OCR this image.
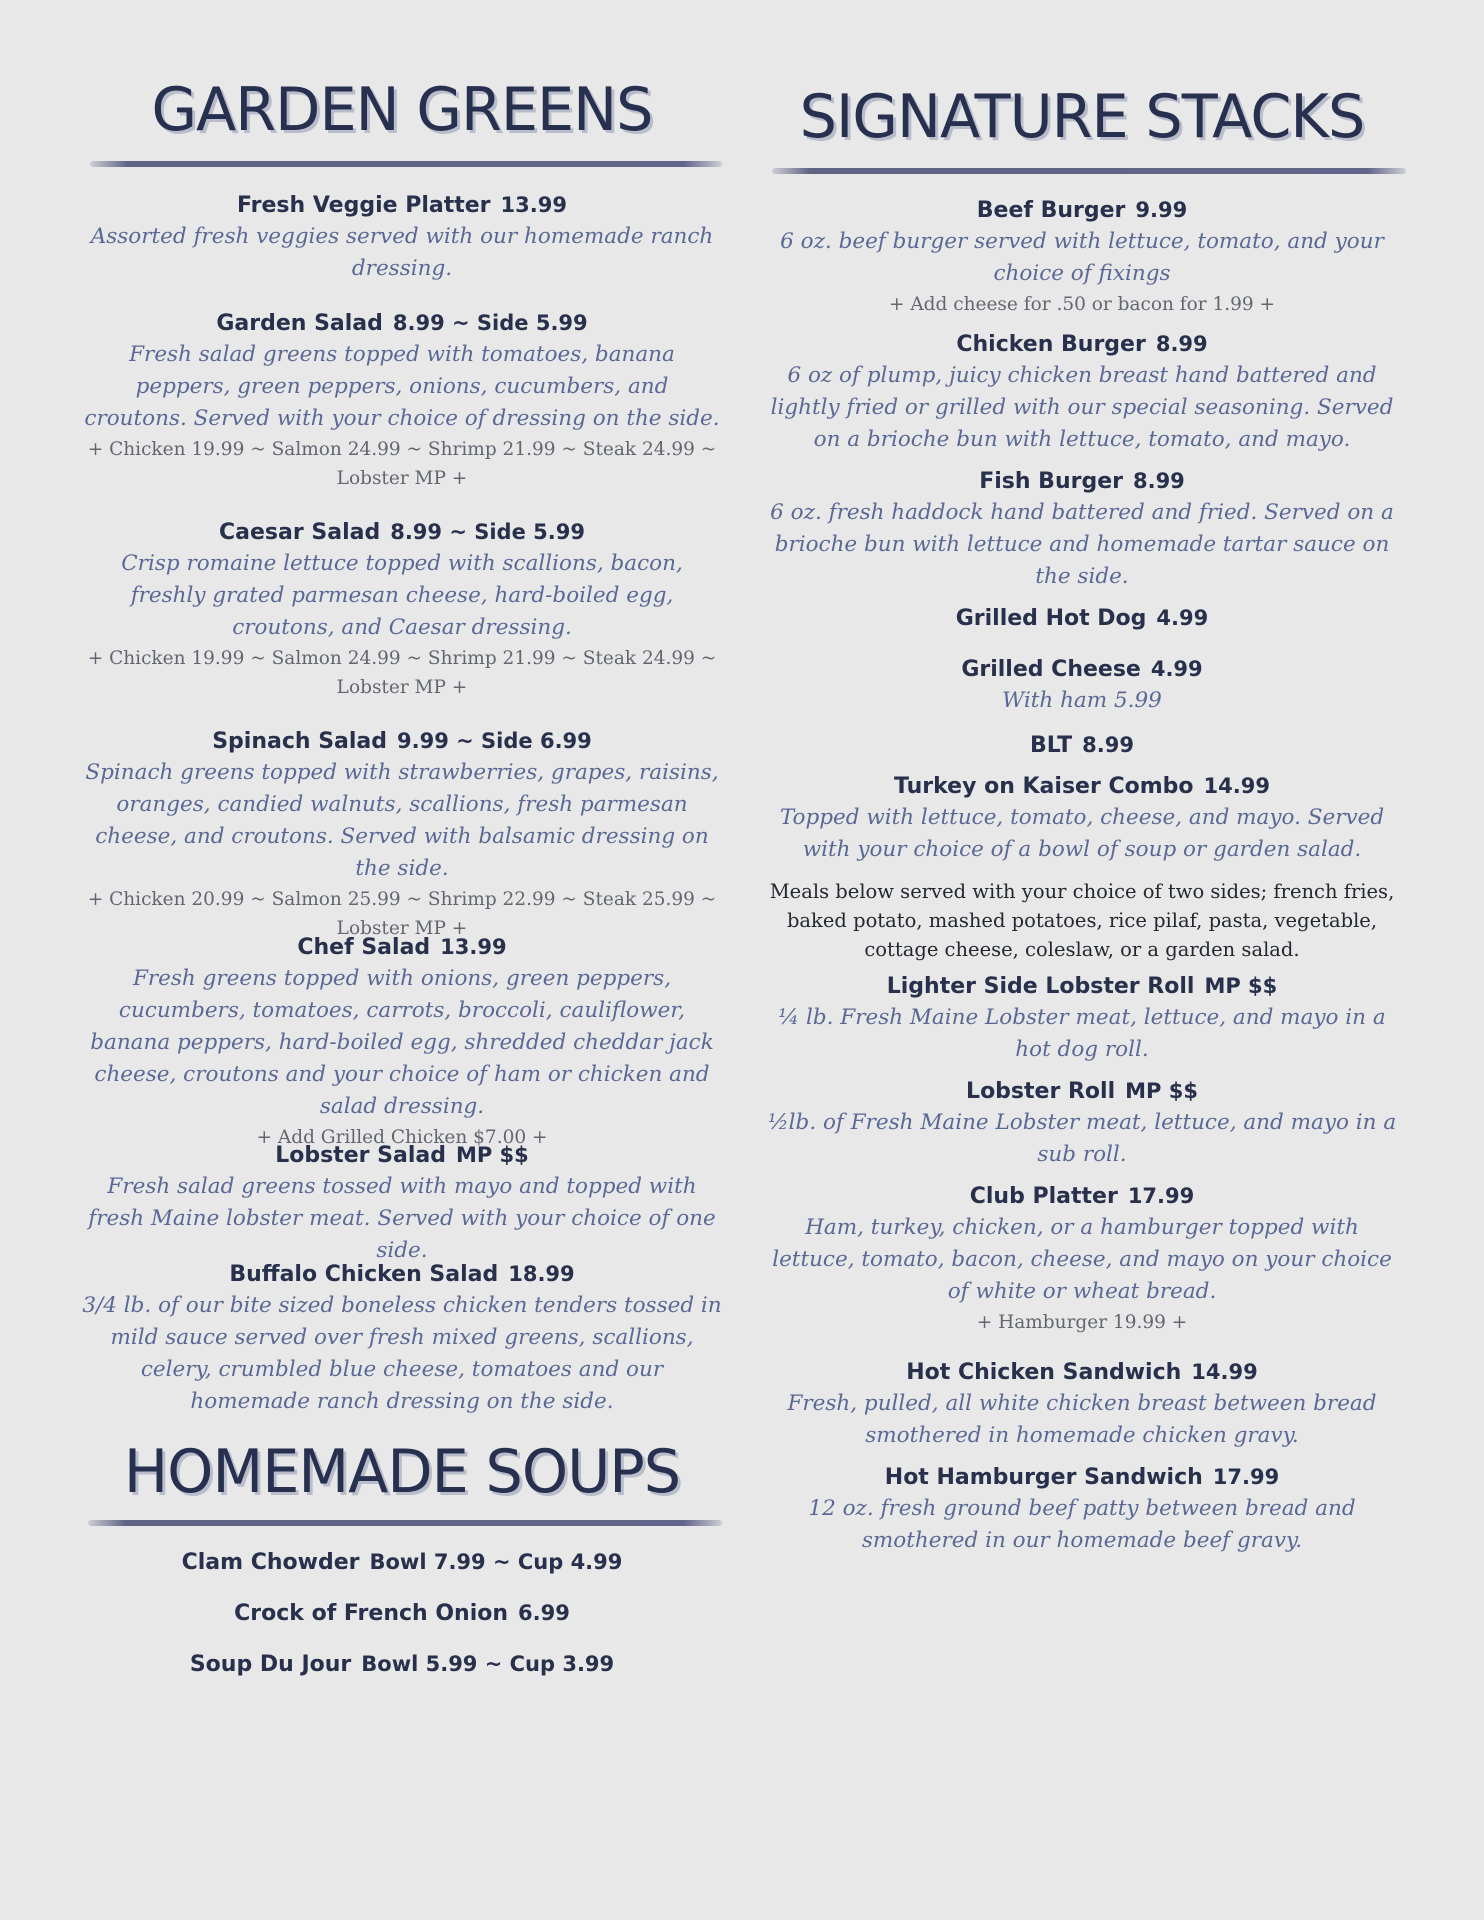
GARDEN GREENS
Fresh Veggie Platter 13.99
Assorted fresh veggies served with our homemade ranch dressing.
Garden Salad 8.99 ~ Side 5.99
Fresh salad greens topped with tomatoes, banana peppers, green peppers, onions, cucumbers, and croutons. Served with your choice of dressing on the side.
+ Chicken 19.99 ~ Salmon 24.99 ~ Shrimp 21.99 ~ Steak 24.99 ~ Lobster MP +
Caesar Salad 8.99 ~ Side 5.99
Crisp romaine lettuce topped with scallions, bacon, freshly grated parmesan cheese, hard-boiled egg, croutons, and Caesar dressing.
+ Chicken 19.99 ~ Salmon 24.99 ~ Shrimp 21.99 ~ Steak 24.99 ~ Lobster MP +
Spinach Salad 9.99 ~ Side 6.99
Spinach greens topped with strawberries, grapes, raisins, oranges, candied walnuts, scallions, fresh parmesan cheese, and croutons. Served with balsamic dressing on the side.
+ Chicken 20.99 ~ Salmon 25.99 ~ Shrimp 22.99 ~ Steak 25.99 ~ Lobster MP +
Chef Salad 13.99
Fresh greens topped with onions, green peppers, cucumbers, tomatoes, carrots, broccoli, cauliflower, banana peppers, hard-boiled egg, shredded cheddar jack cheese, croutons and your choice of ham or chicken and salad dressing.
+ Add Grilled Chicken $7.00 +
Lobster Salad MP $$
Fresh salad greens tossed with mayo and topped with fresh Maine lobster meat. Served with your choice of one side.
Buffalo Chicken Salad 18.99
3/4 lb. of our bite sized boneless chicken tenders tossed in mild sauce served over fresh mixed greens, scallions, celery, crumbled blue cheese, tomatoes and our homemade ranch dressing on the side.
HOMEMADE SOUPS
Clam Chowder Bowl 7.99 ~ Cup 4.99
Crock of French Onion 6.99
Soup Du Jour Bowl 5.99 ~ Cup 3.99
SIGNATURE STACKS
Beef Burger 9.99
6 oz. beef burger served with lettuce, tomato, and your choice of fixings
+ Add cheese for .50 or bacon for 1.99 +
Chicken Burger 8.99
6 oz of plump, juicy chicken breast hand battered and lightly fried or grilled with our special seasoning. Served on a brioche bun with lettuce, tomato, and mayo.
Fish Burger 8.99
6 oz. fresh haddock hand battered and fried. Served on a brioche bun with lettuce and homemade tartar sauce on the side.
Grilled Hot Dog 4.99
Grilled Cheese 4.99
With ham 5.99
BLT 8.99
Turkey on Kaiser Combo 14.99
Topped with lettuce, tomato, cheese, and mayo. Served with your choice of a bowl of soup or garden salad.
Meals below served with your choice of two sides; french fries, baked potato, mashed potatoes, rice pilaf, pasta, vegetable, cottage cheese, coleslaw, or a garden salad.
Lighter Side Lobster Roll MP $$
¼ lb. Fresh Maine Lobster meat, lettuce, and mayo in a hot dog roll.
Lobster Roll MP $$
½lb. of Fresh Maine Lobster meat, lettuce, and mayo in a sub roll.
Club Platter 17.99
Ham, turkey, chicken, or a hamburger topped with lettuce, tomato, bacon, cheese, and mayo on your choice of white or wheat bread.
+ Hamburger 19.99 +
Hot Chicken Sandwich 14.99
Fresh, pulled, all white chicken breast between bread smothered in homemade chicken gravy.
Hot Hamburger Sandwich 17.99
12 oz. fresh ground beef patty between bread and smothered in our homemade beef gravy.
